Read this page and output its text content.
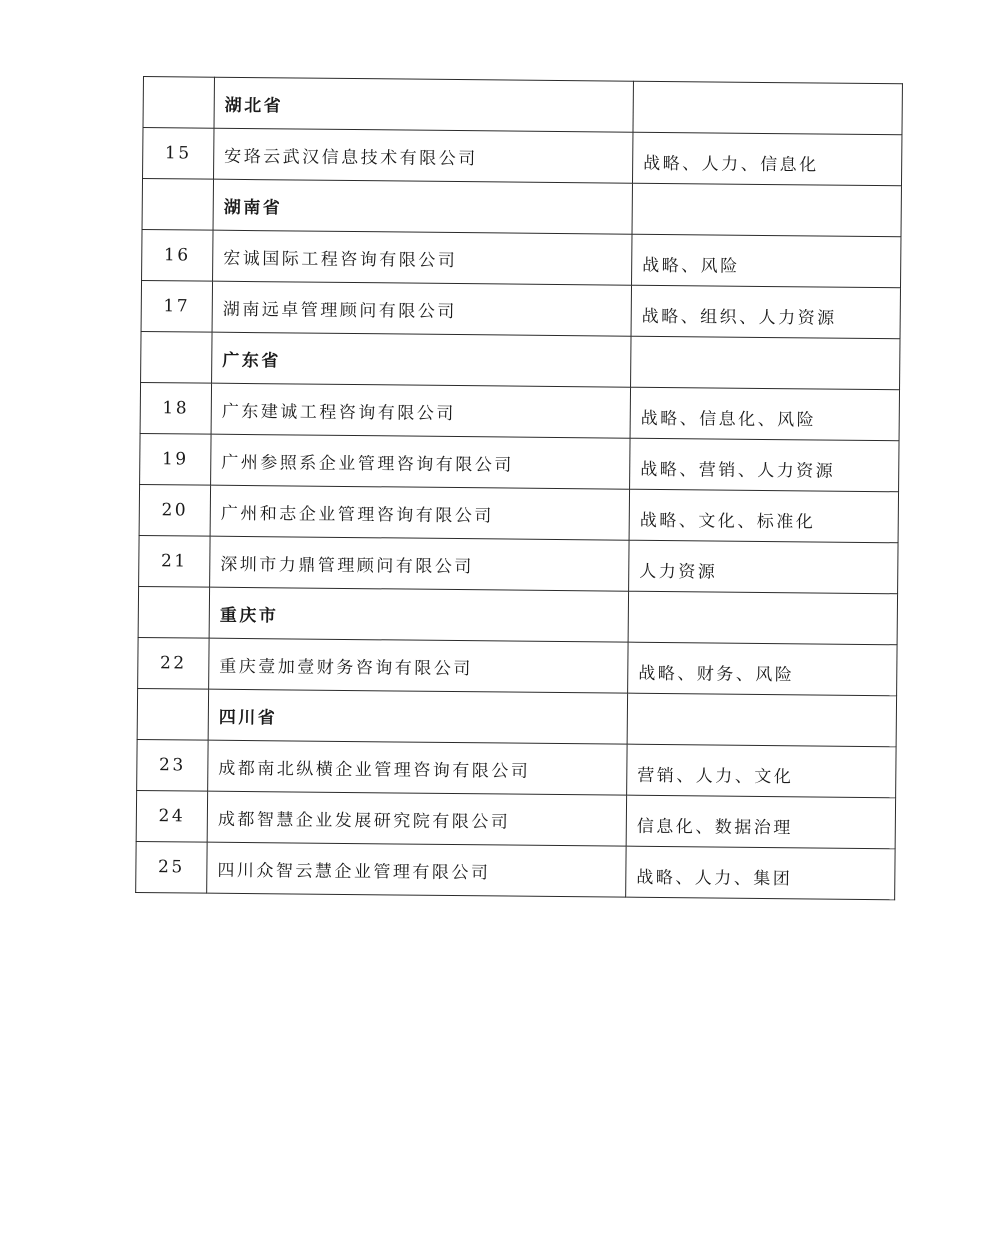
	湖北省	
15	安珞云武汉信息技术有限公司	战略、人力、信息化
	湖南省	
16	宏诚国际工程咨询有限公司	战略、风险
17	湖南远卓管理顾问有限公司	战略、组织、人力资源
	广东省	
18	广东建诚工程咨询有限公司	战略、信息化、风险
19	广州参照系企业管理咨询有限公司	战略、营销、人力资源
20	广州和志企业管理咨询有限公司	战略、文化、标准化
21	深圳市力鼎管理顾问有限公司	人力资源
	重庆市	
22	重庆壹加壹财务咨询有限公司	战略、财务、风险
	四川省	
23	成都南北纵横企业管理咨询有限公司	营销、人力、文化
24	成都智慧企业发展研究院有限公司	信息化、数据治理
25	四川众智云慧企业管理有限公司	战略、人力、集团
